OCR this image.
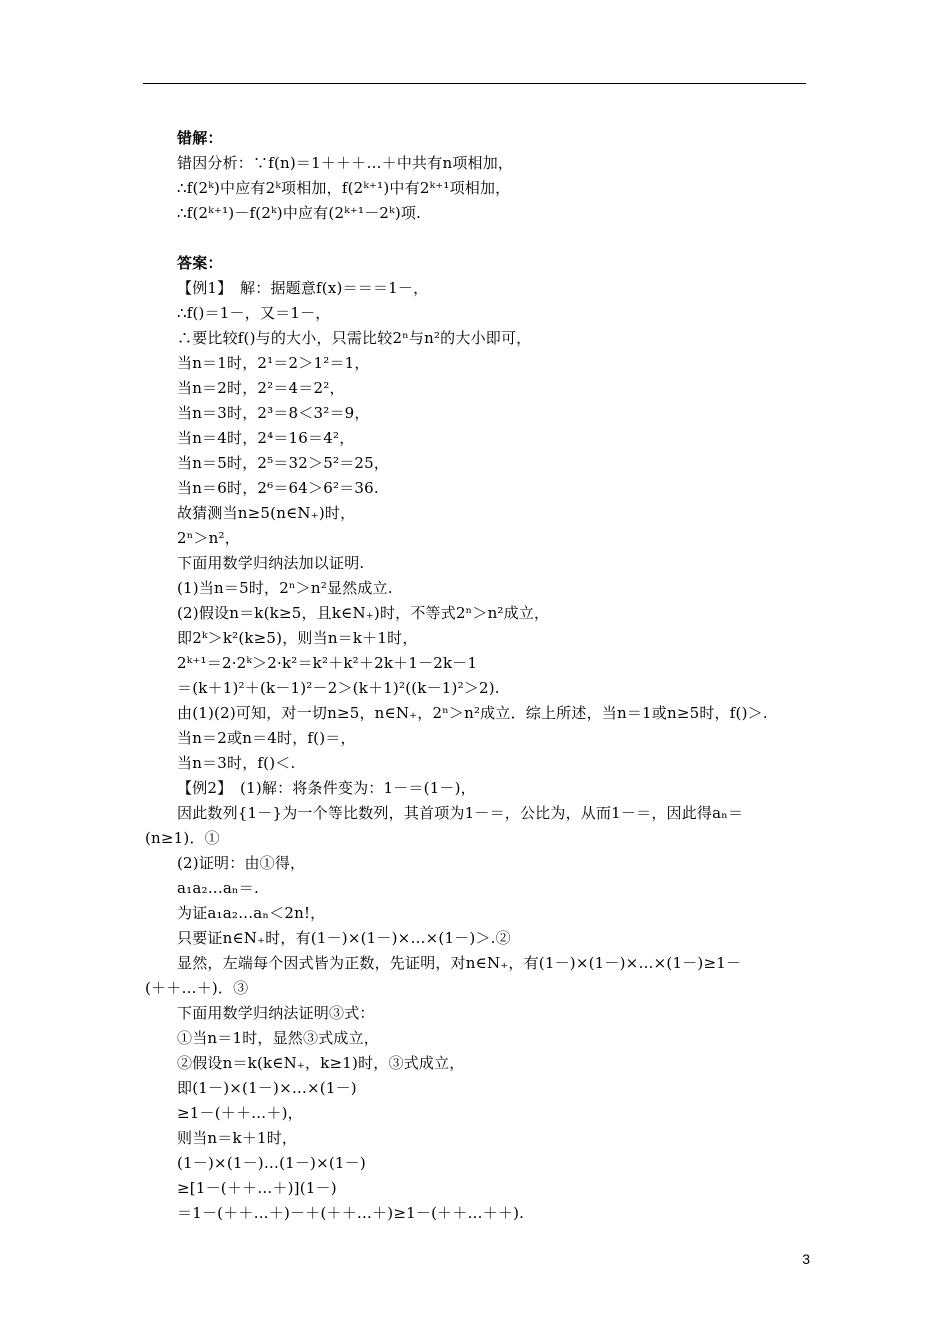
错解：
错因分析：∵f(n)＝1＋＋＋…＋中共有n项相加，
∴f(2ᵏ)中应有2ᵏ项相加，f(2ᵏ⁺¹)中有2ᵏ⁺¹项相加，
∴f(2ᵏ⁺¹)－f(2ᵏ)中应有(2ᵏ⁺¹－2ᵏ)项.
答案：
【例1】　解：据题意f(x)＝＝＝1－，
∴f()＝1－，又＝1－，
∴要比较f()与的大小，只需比较2ⁿ与n²的大小即可，
当n＝1时，2¹＝2＞1²＝1，
当n＝2时，2²＝4＝2²，
当n＝3时，2³＝8＜3²＝9，
当n＝4时，2⁴＝16＝4²，
当n＝5时，2⁵＝32＞5²＝25，
当n＝6时，2⁶＝64＞6²＝36.
故猜测当n≥5(n∈N₊)时，
2ⁿ＞n²，
下面用数学归纳法加以证明.
(1)当n＝5时，2ⁿ＞n²显然成立.
(2)假设n＝k(k≥5，且k∈N₊)时，不等式2ⁿ＞n²成立，
即2ᵏ＞k²(k≥5)，则当n＝k＋1时，
2ᵏ⁺¹＝2·2ᵏ＞2·k²＝k²＋k²＋2k＋1－2k－1
＝(k＋1)²＋(k－1)²－2＞(k＋1)²((k－1)²＞2).
由(1)(2)可知，对一切n≥5，n∈N₊，2ⁿ＞n²成立．综上所述，当n＝1或n≥5时，f()＞.
当n＝2或n＝4时，f()＝，
当n＝3时，f()＜.
【例2】　(1)解：将条件变为：1－＝(1－)，
因此数列{1－}为一个等比数列，其首项为1－＝，公比为，从而1－＝，因此得aₙ＝
(n≥1)．①
(2)证明：由①得，
a₁a₂…aₙ＝.
为证a₁a₂…aₙ＜2n!，
只要证n∈N₊时，有(1－)×(1－)×…×(1－)＞.②
显然，左端每个因式皆为正数，先证明，对n∈N₊，有(1－)×(1－)×…×(1－)≥1－
(＋＋…＋)．③
下面用数学归纳法证明③式：
①当n＝1时，显然③式成立，
②假设n＝k(k∈N₊，k≥1)时，③式成立，
即(1－)×(1－)×…×(1－)
≥1－(＋＋…＋)，
则当n＝k＋1时，
(1－)×(1－)…(1－)×(1－)
≥[1－(＋＋…＋)](1－)
＝1－(＋＋…＋)－＋(＋＋…＋)≥1－(＋＋…＋＋).
3
